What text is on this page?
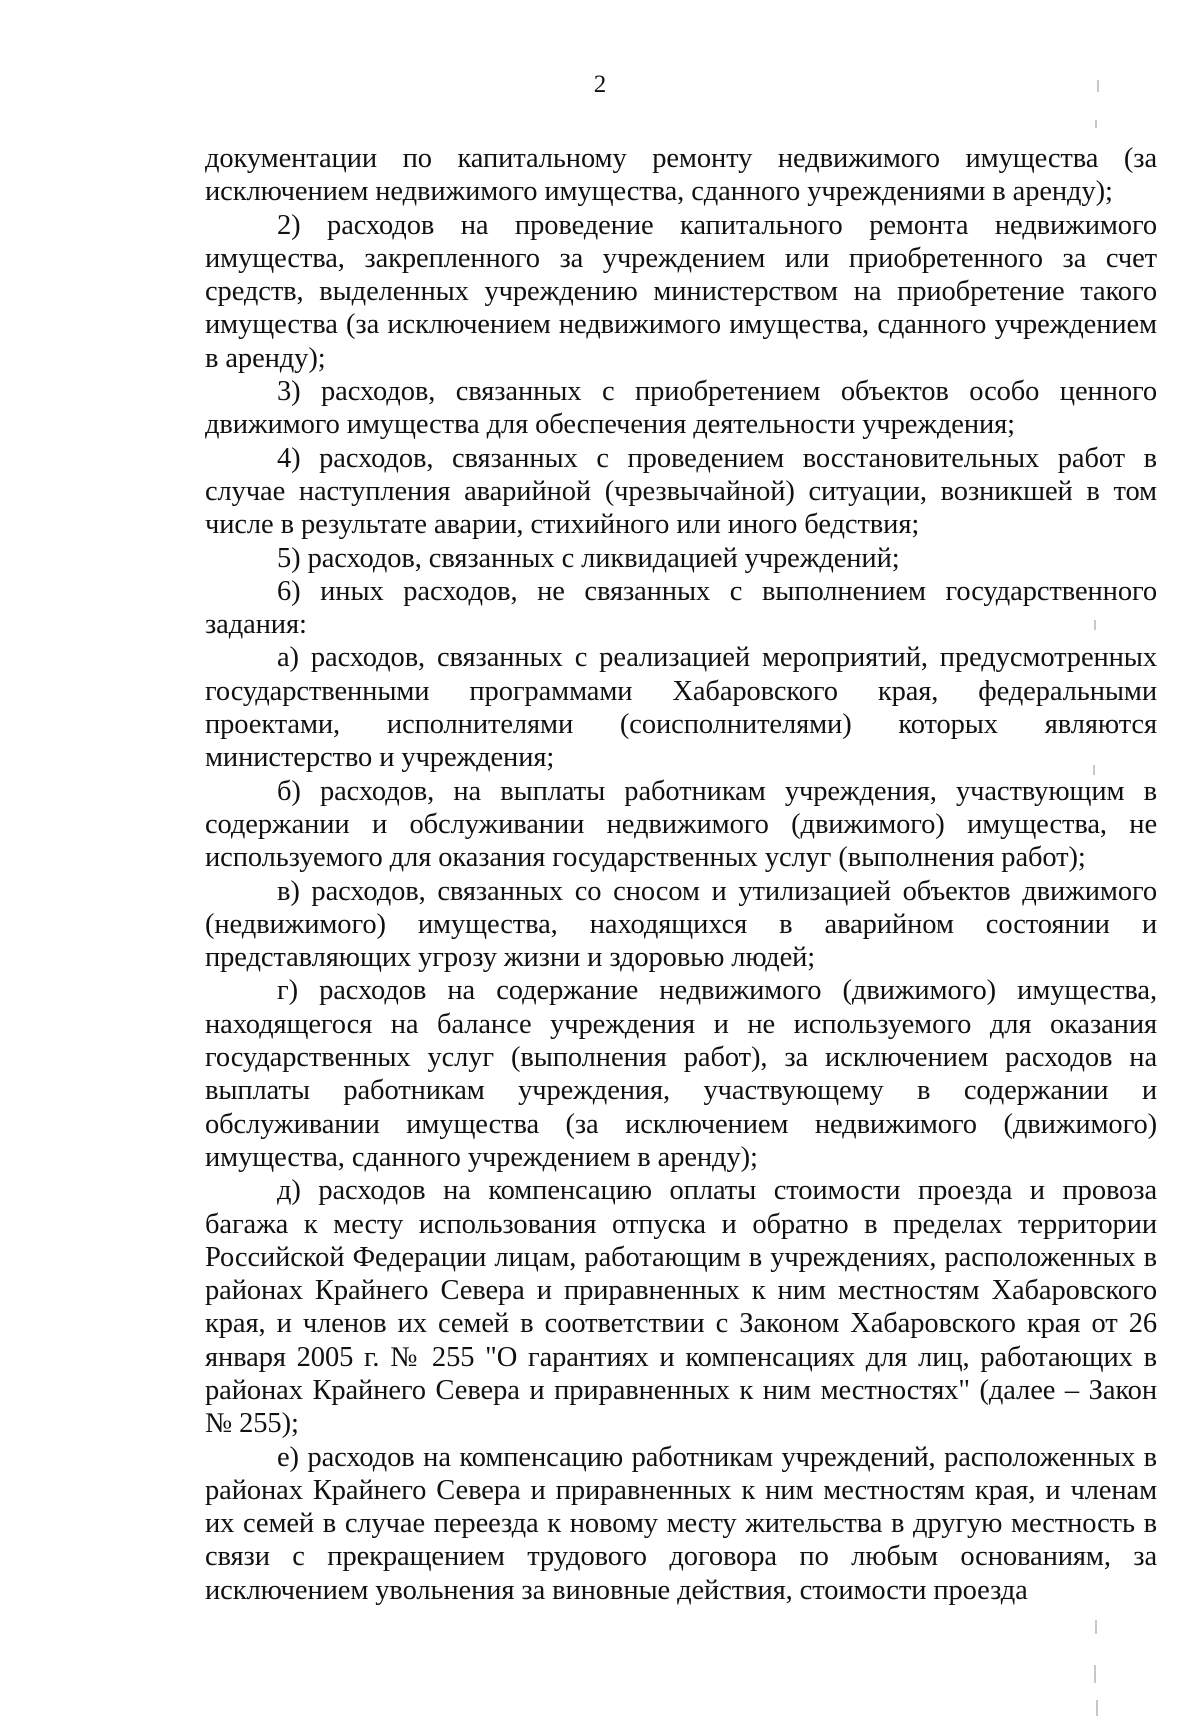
2

документации по капитальному ремонту недвижимого имущества (за исключением недвижимого имущества, сданного учреждениями в аренду);

2) расходов на проведение капитального ремонта недвижимого имущества, закрепленного за учреждением или приобретенного за счет средств, выделенных учреждению министерством на приобретение такого имущества (за исключением недвижимого имущества, сданного учреждением в аренду);

3) расходов, связанных с приобретением объектов особо ценного движимого имущества для обеспечения деятельности учреждения;

4) расходов, связанных с проведением восстановительных работ в случае наступления аварийной (чрезвычайной) ситуации, возникшей в том числе в результате аварии, стихийного или иного бедствия;

5) расходов, связанных с ликвидацией учреждений;

6) иных расходов, не связанных с выполнением государственного задания:

а) расходов, связанных с реализацией мероприятий, предусмотренных государственными программами Хабаровского края, федеральными проектами, исполнителями (соисполнителями) которых являются министерство и учреждения;

б) расходов, на выплаты работникам учреждения, участвующим в содержании и обслуживании недвижимого (движимого) имущества, не используемого для оказания государственных услуг (выполнения работ);

в) расходов, связанных со сносом и утилизацией объектов движимого (недвижимого) имущества, находящихся в аварийном состоянии и представляющих угрозу жизни и здоровью людей;

г) расходов на содержание недвижимого (движимого) имущества, находящегося на балансе учреждения и не используемого для оказания государственных услуг (выполнения работ), за исключением расходов на выплаты работникам учреждения, участвующему в содержании и обслуживании имущества (за исключением недвижимого (движимого) имущества, сданного учреждением в аренду);

д) расходов на компенсацию оплаты стоимости проезда и провоза багажа к месту использования отпуска и обратно в пределах территории Российской Федерации лицам, работающим в учреждениях, расположенных в районах Крайнего Севера и приравненных к ним местностям Хабаровского края, и членов их семей в соответствии с Законом Хабаровского края от 26 января 2005 г. № 255 "О гарантиях и компенсациях для лиц, работающих в районах Крайнего Севера и приравненных к ним местностях" (далее – Закон № 255);

е) расходов на компенсацию работникам учреждений, расположенных в районах Крайнего Севера и приравненных к ним местностям края, и членам их семей в случае переезда к новому месту жительства в другую местность в связи с прекращением трудового договора по любым основаниям, за исключением увольнения за виновные действия, стоимости проезда
